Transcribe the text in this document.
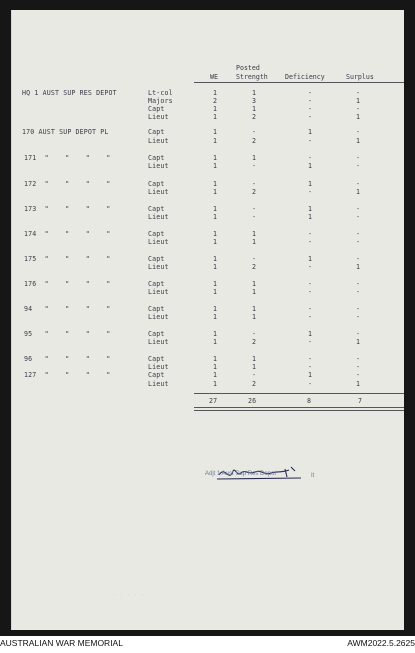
Posted
WE	Strength	Deficiency	Surplus
HQ 1 AUST SUP RES DEPOT	Lt-col	1	1	-	-
Majors	2	3	-	1
Capt	1	1	-	-
Lieut	1	2	-	1
170 AUST SUP DEPOT PL	Capt	1	-	1	-
Lieut	1	2	-	1
171  "    "    "    "	Capt	1	1	-	-
Lieut	1	-	1	-
172  "    "    "    "	Capt	1	-	1	-
Lieut	1	2	-	1
173  "    "    "    "	Capt	1	-	1	-
Lieut	1	-	1	-
174  "    "    "    "	Capt	1	1	-	-
Lieut	1	1	-	-
175  "    "    "    "	Capt	1	-	1	-
Lieut	1	2	-	1
176  "    "    "    "	Capt	1	1	-	-
Lieut	1	1	-	-
94   "    "    "    "	Capt	1	1	-	-
Lieut	1	1	-	-
95   "    "    "    "	Capt	1	-	1	-
Lieut	1	2	-	1
96   "    "    "    "	Capt	1	1	-	-
Lieut	1	1	-	-
127  "    "    "    "	Capt	1	-	1	-
Lieut	1	2	-	1
27	26	8	7
It
Adjt 1 Aust Sup Res Depot
· · · · ·
AUSTRALIAN WAR MEMORIAL	AWM2022.5.2625
